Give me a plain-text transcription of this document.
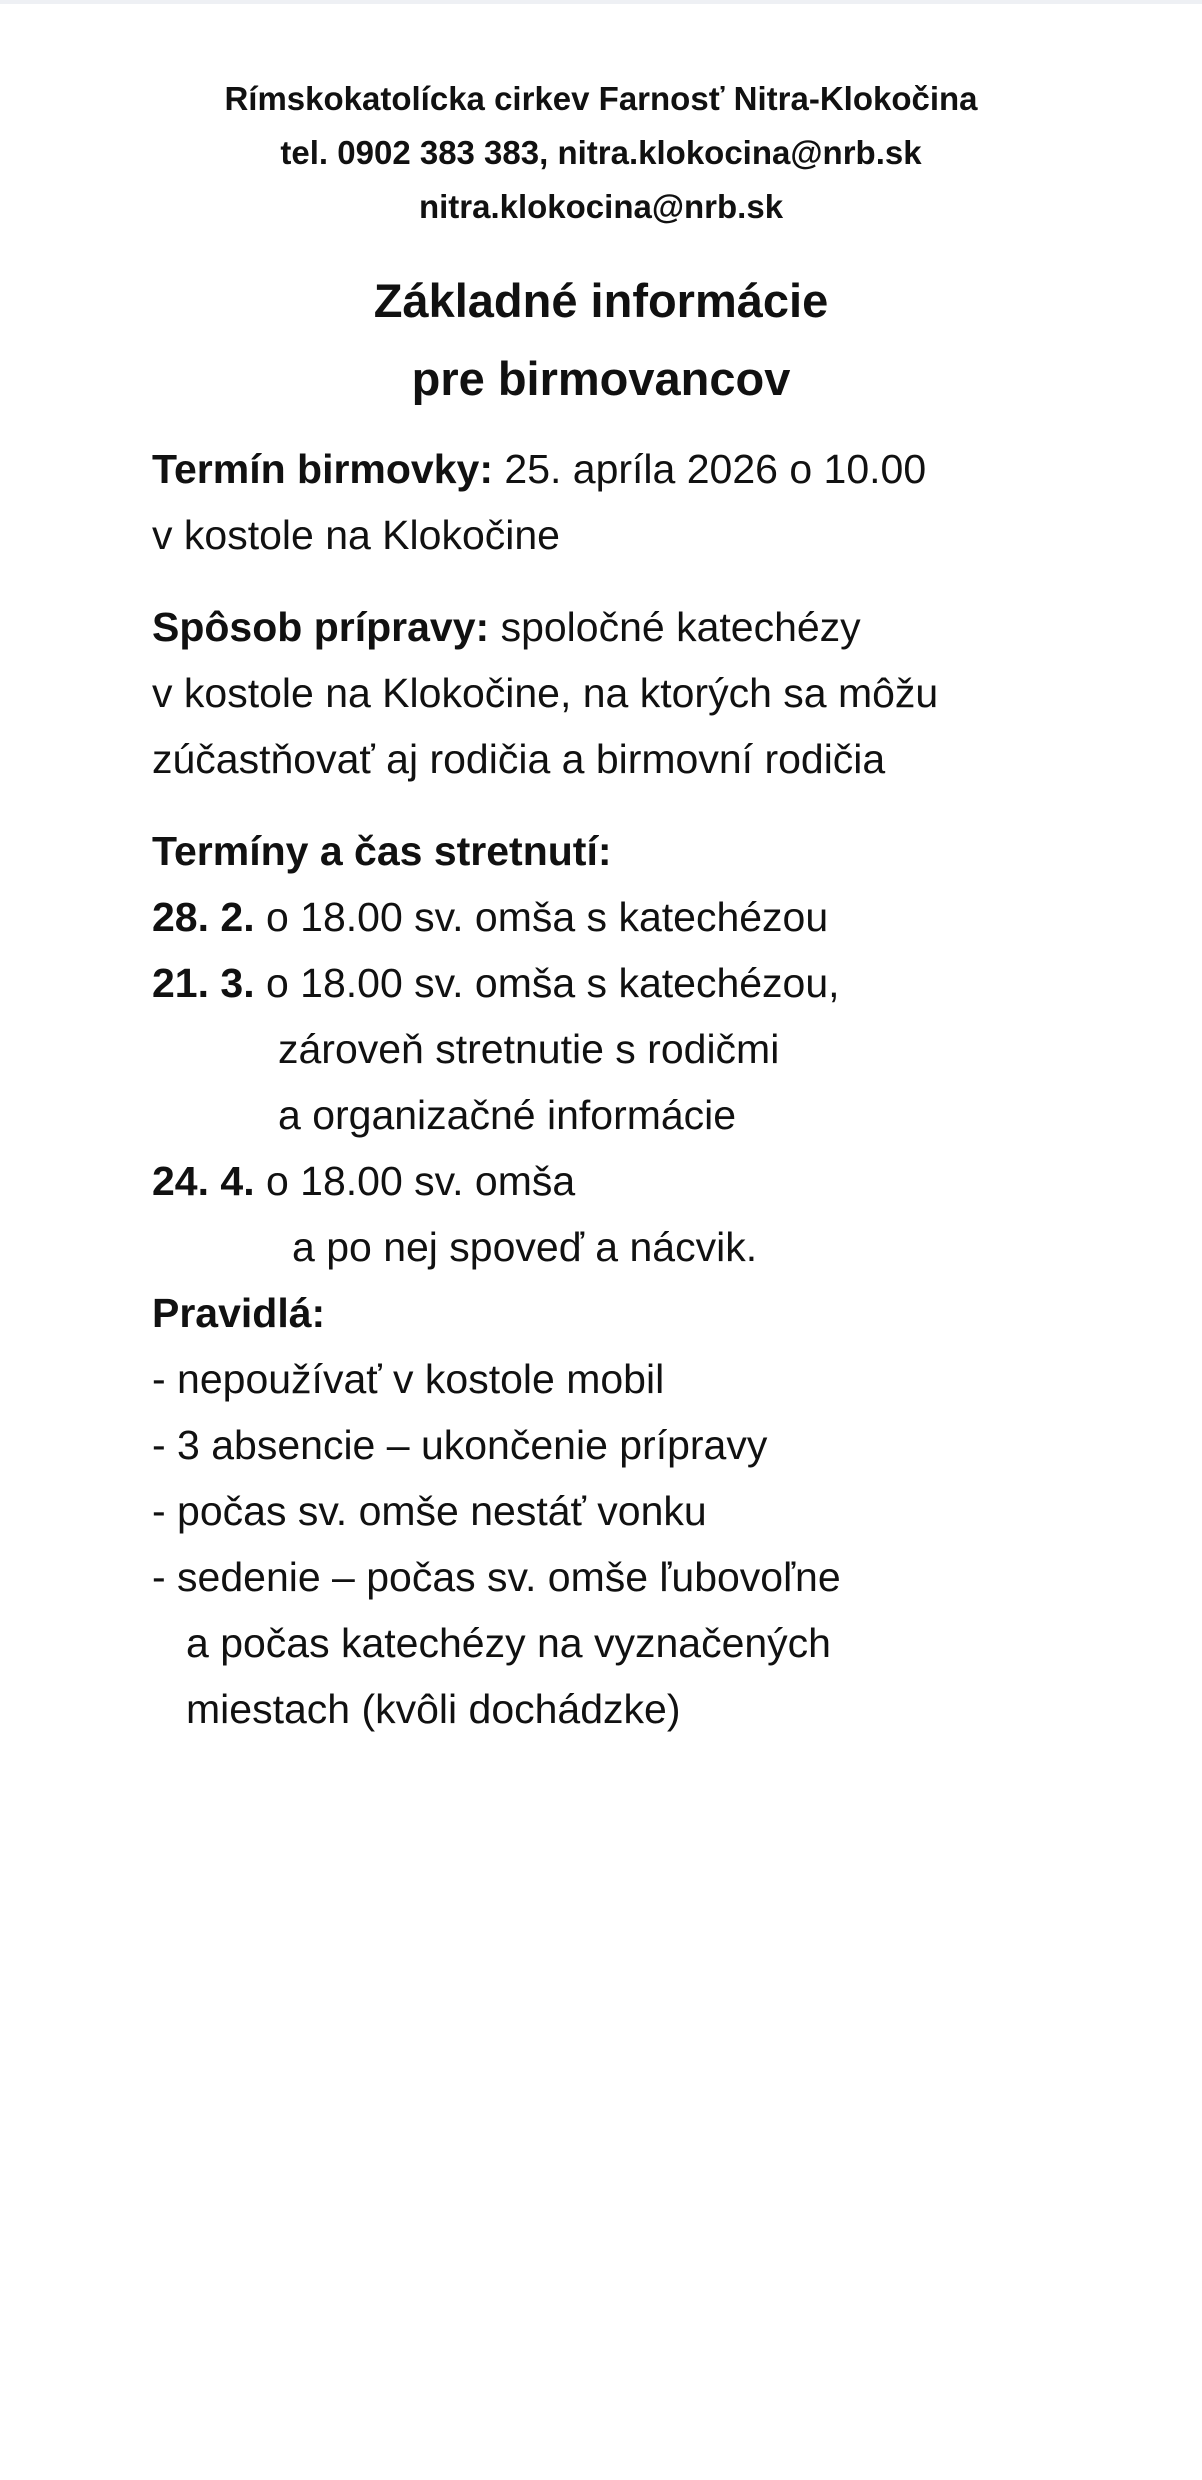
Rímskokatolícka cirkev Farnosť Nitra-Klokočina
tel. 0902 383 383, nitra.klokocina@nrb.sk
nitra.klokocina@nrb.sk
Základné informácie
pre birmovancov
Termín birmovky: 25. apríla 2026 o 10.00
v kostole na Klokočine
Spôsob prípravy: spoločné katechézy
v kostole na Klokočine, na ktorých sa môžu
zúčastňovať aj rodičia a birmovní rodičia
Termíny a čas stretnutí:
28. 2. o 18.00 sv. omša s katechézou
21. 3. o 18.00 sv. omša s katechézou,
zároveň stretnutie s rodičmi
a organizačné informácie
24. 4. o 18.00 sv. omša
a po nej spoveď a nácvik.
Pravidlá:
- nepoužívať v kostole mobil
- 3 absencie – ukončenie prípravy
- počas sv. omše nestáť vonku
- sedenie – počas sv. omše ľubovoľne
a počas katechézy na vyznačených
miestach (kvôli dochádzke)
